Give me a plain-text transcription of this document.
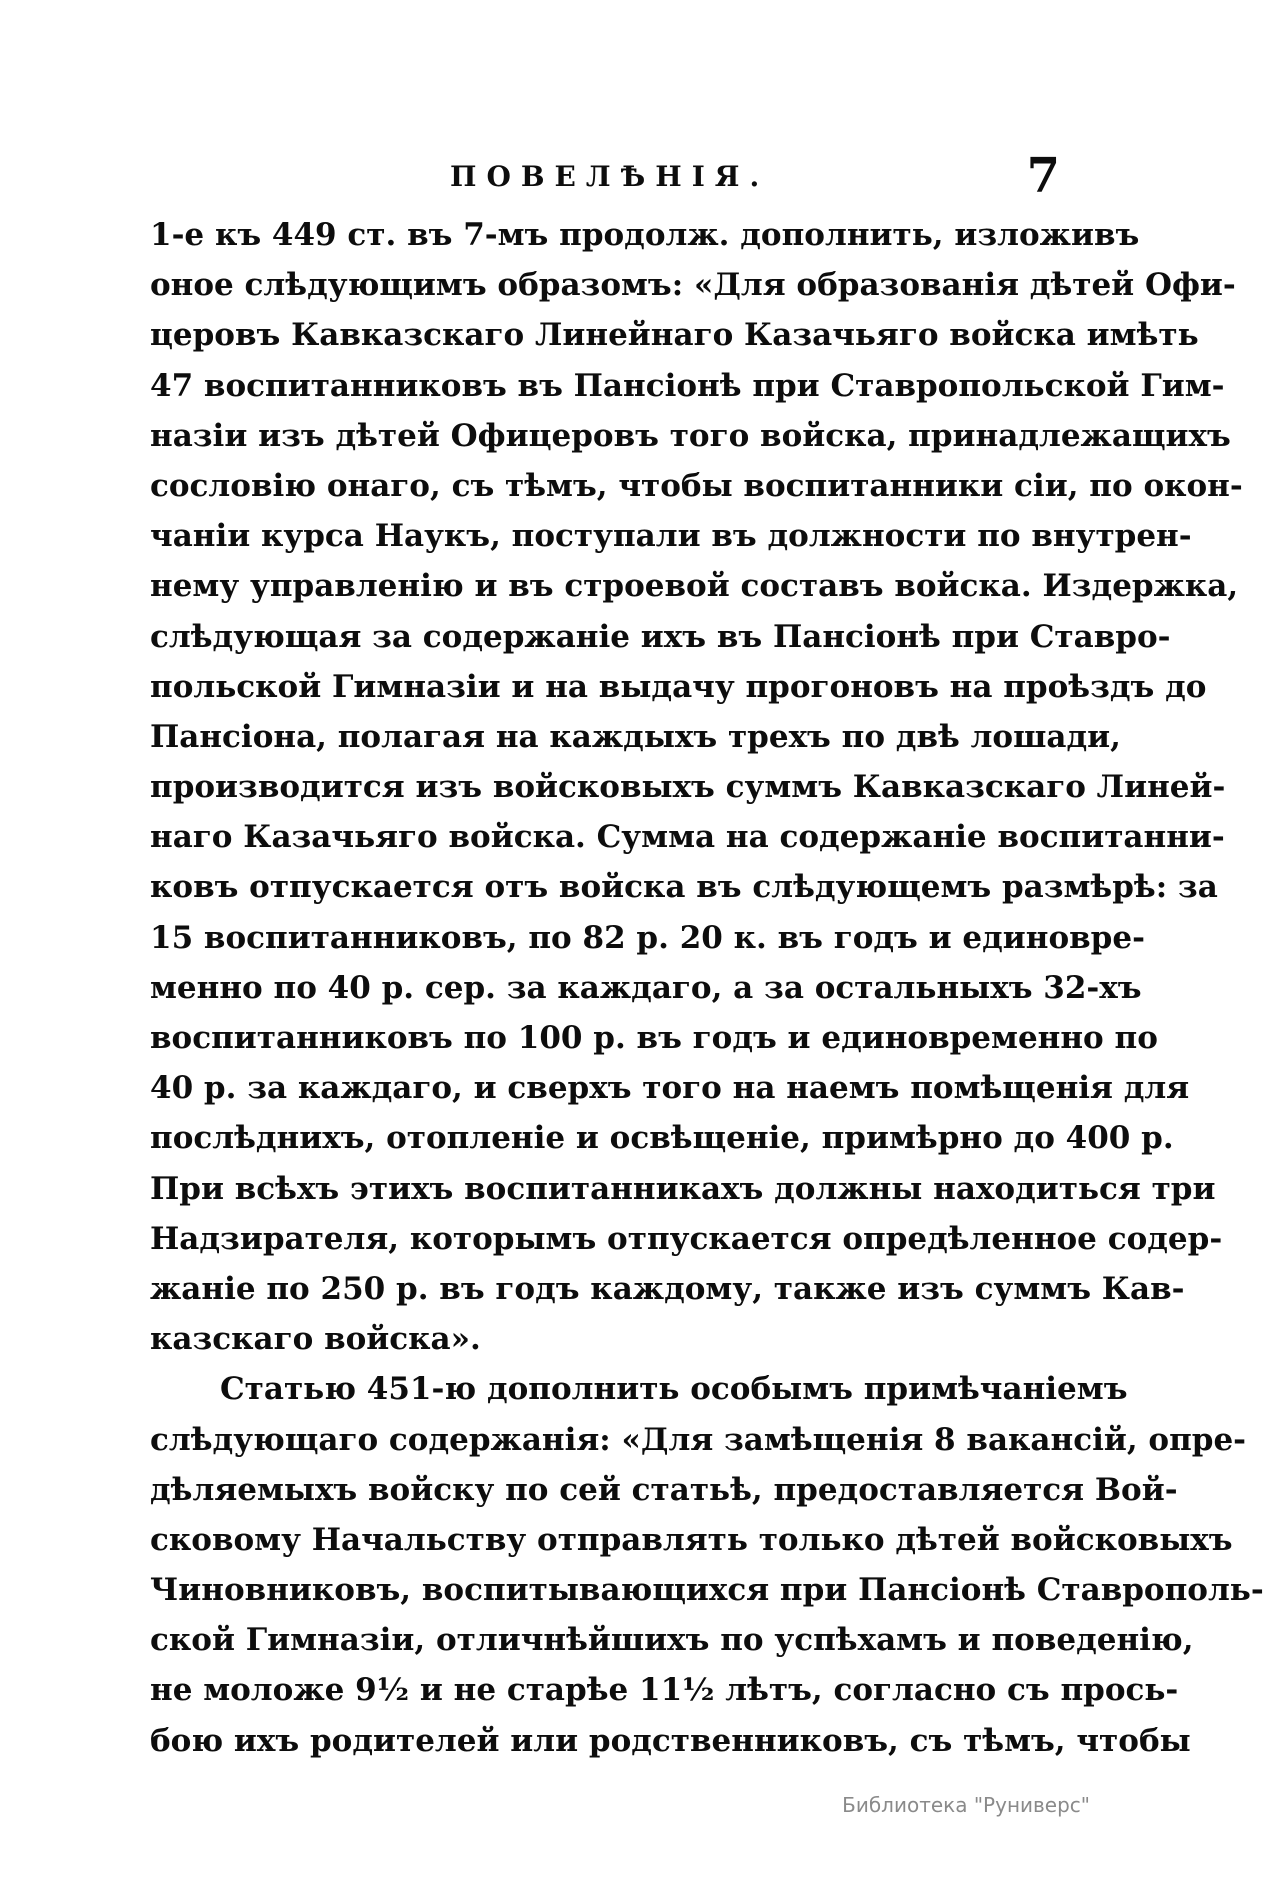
ПОВЕЛѢНІЯ.	7
1-е къ 449 ст. въ 7-мъ продолж. дополнить, изложивъ
оное слѣдующимъ образомъ: «Для образованія дѣтей Офи-
церовъ Кавказскаго Линейнаго Казачьяго войска имѣть
47 воспитанниковъ въ Пансіонѣ при Ставропольской Гим-
назіи изъ дѣтей Офицеровъ того войска, принадлежащихъ
сословію онаго, съ тѣмъ, чтобы воспитанники сіи, по окон-
чаніи курса Наукъ, поступали въ должности по внутрен-
нему управленію и въ строевой составъ войска. Издержка,
слѣдующая за содержаніе ихъ въ Пансіонѣ при Ставро-
польской Гимназіи и на выдачу прогоновъ на проѣздъ до
Пансіона, полагая на каждыхъ трехъ по двѣ лошади,
производится изъ войсковыхъ суммъ Кавказскаго Линей-
наго Казачьяго войска. Сумма на содержаніе воспитанни-
ковъ отпускается отъ войска въ слѣдующемъ размѣрѣ: за
15 воспитанниковъ, по 82 р. 20 к. въ годъ и единовре-
менно по 40 р. сер. за каждаго, а за остальныхъ 32-хъ
воспитанниковъ по 100 р. въ годъ и единовременно по
40 р. за каждаго, и сверхъ того на наемъ помѣщенія для
послѣднихъ, отопленіе и освѣщеніе, примѣрно до 400 р.
При всѣхъ этихъ воспитанникахъ должны находиться три
Надзирателя, которымъ отпускается опредѣленное содер-
жаніе по 250 р. въ годъ каждому, также изъ суммъ Кав-
казскаго войска».
Статью 451-ю дополнить особымъ примѣчаніемъ
слѣдующаго содержанія: «Для замѣщенія 8 вакансій, опре-
дѣляемыхъ войску по сей статьѣ, предоставляется Вой-
сковому Начальству отправлять только дѣтей войсковыхъ
Чиновниковъ, воспитывающихся при Пансіонѣ Ставрополь-
ской Гимназіи, отличнѣйшихъ по успѣхамъ и поведенію,
не моложе 9½ и не старѣе 11½ лѣтъ, согласно съ прось-
бою ихъ родителей или родственниковъ, съ тѣмъ, чтобы
Библиотека "Руниверс"
